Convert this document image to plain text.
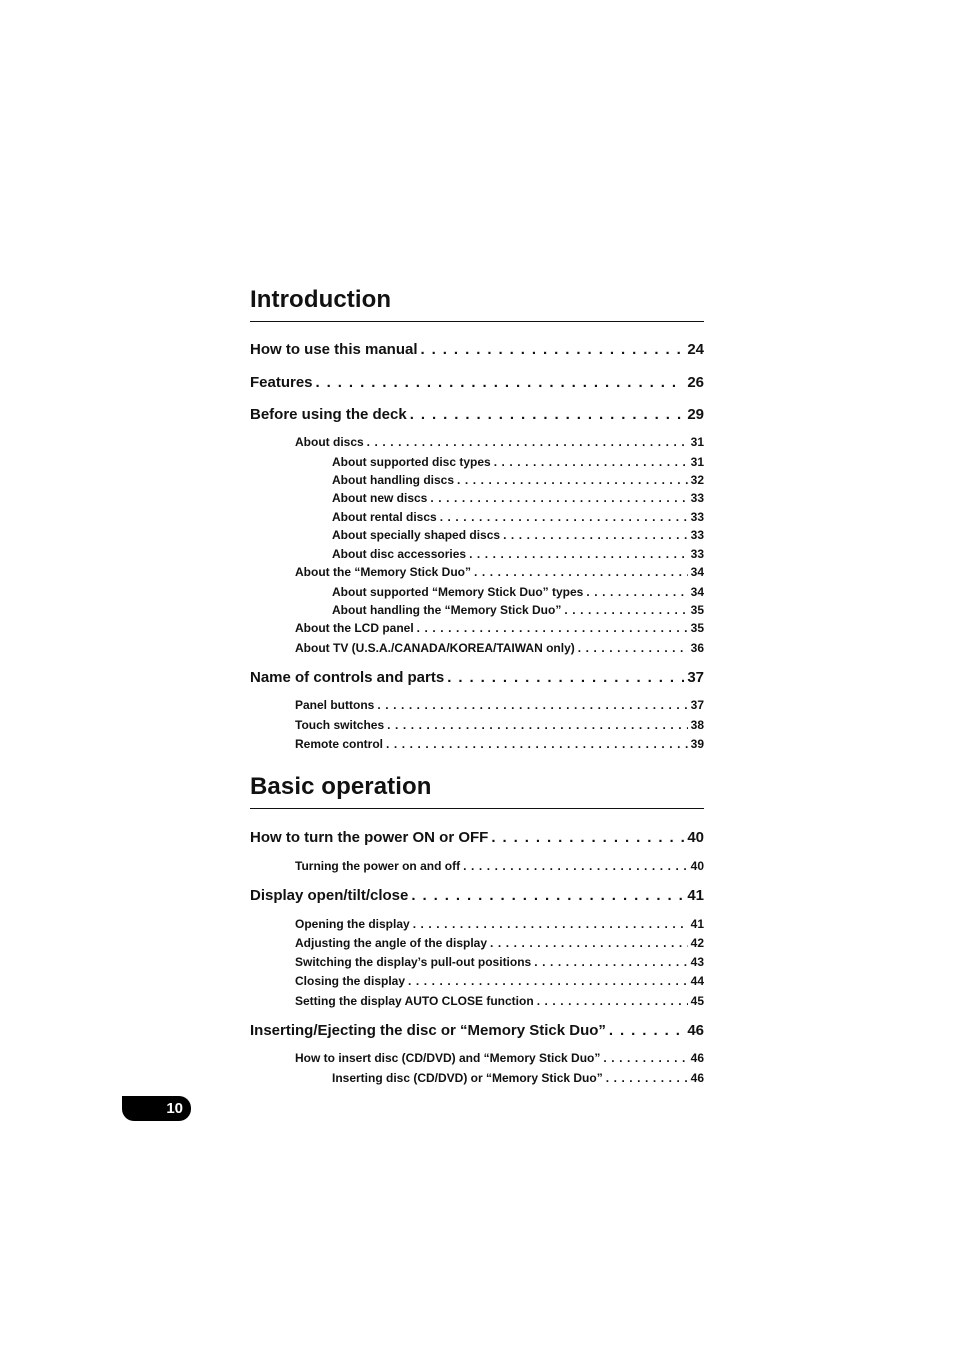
Introduction
How to use this manual . . .	24
Features . . .	26
Before using the deck . . .	29
About discs . . .	31
About supported disc types . . .	31
About handling discs . . .	32
About new discs . . .	33
About rental discs . . .	33
About specially shaped discs . . .	33
About disc accessories . . .	33
About the “Memory Stick Duo” . . .	34
About supported “Memory Stick Duo” types . . .	34
About handling the “Memory Stick Duo” . . .	35
About the LCD panel . . .	35
About TV (U.S.A./CANADA/KOREA/TAIWAN only) . . .	36
Name of controls and parts . . .	37
Panel buttons . . .	37
Touch switches . . .	38
Remote control . . .	39
Basic operation
How to turn the power ON or OFF . . .	40
Turning the power on and off . . .	40
Display open/tilt/close . . .	41
Opening the display . . .	41
Adjusting the angle of the display . . .	42
Switching the display’s pull-out positions . . .	43
Closing the display . . .	44
Setting the display AUTO CLOSE function . . .	45
Inserting/Ejecting the disc or “Memory Stick Duo” . . .	46
How to insert disc (CD/DVD) and “Memory Stick Duo” . . .	46
Inserting disc (CD/DVD) or “Memory Stick Duo” . . .	46
10
